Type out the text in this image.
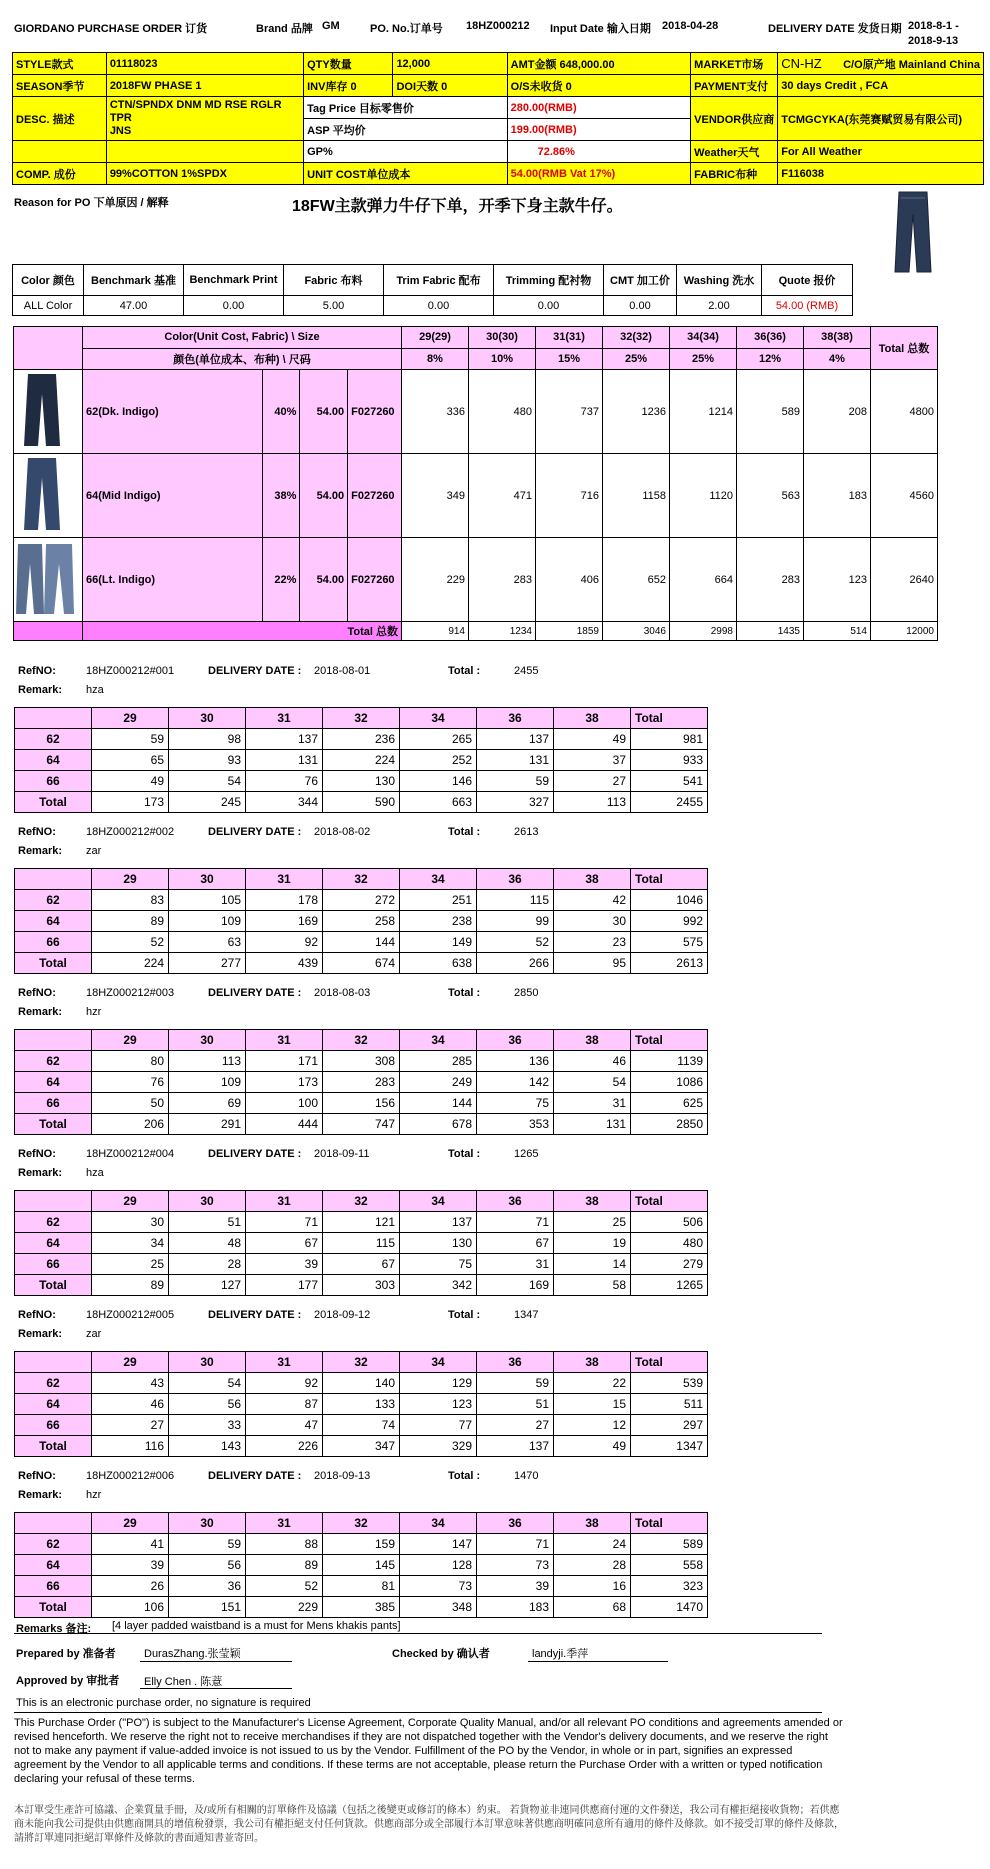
GIORDANO PURCHASE ORDER 订货	Brand 品牌 GM	PO. No.订单号 18HZ000212 Input Date 输入日期 2018-04-28	DELIVERY DATE 发货日期 2018-8-1 -
2018-9-13
STYLE款式	01118023	QTY数量	12,000	AMT金额 648,000.00	MARKET市场	CN-HZ C/O原产地 Mainland China
SEASON季节	2018FW PHASE 1	INV库存 0	DOI天数 0	O/S未收货 0	PAYMENT支付	30 days Credit , FCA
DESC. 描述	CTN/SPNDX DNM MD RSE RGLR TPR
JNS	Tag Price 目标零售价		280.00(RMB)	VENDOR供应商	TCMGCYKA(东莞赛赋贸易有限公司)
		ASP 平均价		199.00(RMB)		
		GP%		72.86%	Weather天气	For All Weather
COMP. 成份	99%COTTON 1%SPDX	UNIT COST单位成本		54.00(RMB Vat 17%)	FABRIC布种	F116038
Reason for PO 下单原因 / 解释	18FW主款弹力牛仔下单，开季下身主款牛仔。
Color 颜色	Benchmark 基准	Benchmark Print	Fabric 布料	Trim Fabric 配布	Trimming 配衬物	CMT 加工价	Washing 洗水	Quote 报价
ALL Color	47.00	0.00	5.00	0.00	0.00	0.00	2.00	54.00 (RMB)
	Color(Unit Cost, Fabric) \ Size				29(29)	30(30)	31(31)	32(32)	34(34)	36(36)	38(38)	Total 总数
	颜色(单位成本、布种) \ 尺码				8%	10%	15%	25%	25%	12%	4%	
	62(Dk. Indigo)	40%	54.00	F027260	336	480	737	1236	1214	589	208	4800
	64(Mid Indigo)	38%	54.00	F027260	349	471	716	1158	1120	563	183	4560
	66(Lt. Indigo)	22%	54.00	F027260	229	283	406	652	664	283	123	2640
	Total 总数				914	1234	1859	3046	2998	1435	514	12000
RefNO:	18HZ000212#001	DELIVERY DATE : 2018-08-01	Total :	2455
Remark: hza
	29	30	31	32	34	36	38	Total
62	59	98	137	236	265	137	49	981
64	65	93	131	224	252	131	37	933
66	49	54	76	130	146	59	27	541
Total	173	245	344	590	663	327	113	2455
RefNO:	18HZ000212#002	DELIVERY DATE : 2018-08-02	Total :	2613
Remark: zar
	29	30	31	32	34	36	38	Total
62	83	105	178	272	251	115	42	1046
64	89	109	169	258	238	99	30	992
66	52	63	92	144	149	52	23	575
Total	224	277	439	674	638	266	95	2613
RefNO:	18HZ000212#003	DELIVERY DATE : 2018-08-03	Total :	2850
Remark: hzr
	29	30	31	32	34	36	38	Total
62	80	113	171	308	285	136	46	1139
64	76	109	173	283	249	142	54	1086
66	50	69	100	156	144	75	31	625
Total	206	291	444	747	678	353	131	2850
RefNO:	18HZ000212#004	DELIVERY DATE : 2018-09-11	Total :	1265
Remark: hza
	29	30	31	32	34	36	38	Total
62	30	51	71	121	137	71	25	506
64	34	48	67	115	130	67	19	480
66	25	28	39	67	75	31	14	279
Total	89	127	177	303	342	169	58	1265
RefNO:	18HZ000212#005	DELIVERY DATE : 2018-09-12	Total :	1347
Remark: zar
	29	30	31	32	34	36	38	Total
62	43	54	92	140	129	59	22	539
64	46	56	87	133	123	51	15	511
66	27	33	47	74	77	27	12	297
Total	116	143	226	347	329	137	49	1347
RefNO:	18HZ000212#006	DELIVERY DATE : 2018-09-13	Total :	1470
Remark: hzr
	29	30	31	32	34	36	38	Total
62	41	59	88	159	147	71	24	589
64	39	56	89	145	128	73	28	558
66	26	36	52	81	73	39	16	323
Total	106	151	229	385	348	183	68	1470
Remarks 备注: [4 layer padded waistband is a must for Mens khakis pants]
Prepared by 准备者	DurasZhang.张莹颖	Checked by 确认者	landyji.季萍
Approved by 审批者 Elly Chen . 陈薏
This is an electronic purchase order, no signature is required
This Purchase Order ("PO") is subject to the Manufacturer's License Agreement, Corporate Quality Manual, and/or all relevant PO conditions and agreements amended or revised henceforth. We reserve the right not to receive merchandises if they are not dispatched together with the Vendor's delivery documents, and we reserve the right not to make any payment if value-added invoice is not issued to us by the Vendor. Fulfillment of the PO by the Vendor, in whole or in part, signifies an expressed agreement by the Vendor to all applicable terms and conditions. If these terms are not acceptable, please return the Purchase Order with a written or typed notification declaring your refusal of these terms.
本訂單受生產許可協議、企業質量手冊，及/或所有相關的訂單條件及協議（包括之後變更或修訂的條本）約束。 若貨物並非連同供應商付運的文件發送，我公司有權拒絕接收貨物；若供應商未能向我公司提供由供應商開具的增值稅發票，我公司有權拒絕支付任何貨款。供應商部分或全部履行本訂單意味著供應商明確同意所有適用的條件及條款。如不接受訂單的條件及條款，請將訂單連同拒絕訂單條件及條款的書面通知書並寄回。
